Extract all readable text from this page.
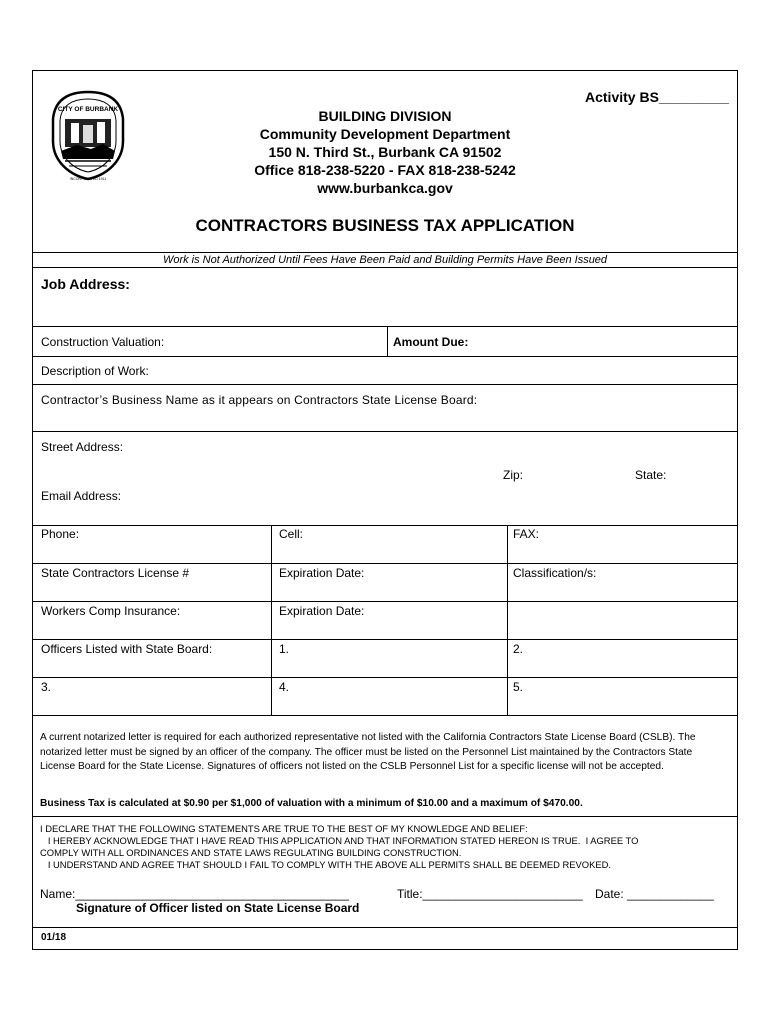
CITY OF BURBANK
INCORPORATED 1911
Activity BS_________
BUILDING DIVISION
Community Development Department
150 N. Third St., Burbank CA 91502
Office 818-238-5220 - FAX 818-238-5242
www.burbankca.gov
CONTRACTORS BUSINESS TAX APPLICATION
Work is Not Authorized Until Fees Have Been Paid and Building Permits Have Been Issued
Job Address:
Construction Valuation:	Amount Due:
Description of Work:
Contractor’s Business Name as it appears on Contractors State License Board:
Street Address:
Zip:	State:
Email Address:
Phone:	Cell:	FAX:
State Contractors License #	Expiration Date:	Classification/s:
Workers Comp Insurance:	Expiration Date:
Officers Listed with State Board:	1.	2.
3.	4.	5.
A current notarized letter is required for each authorized representative not listed with the California Contractors State License Board (CSLB). The notarized letter must be signed by an officer of the company. The officer must be listed on the Personnel List maintained by the Contractors State License Board for the State License. Signatures of officers not listed on the CSLB Personnel List for a specific license will not be accepted.
Business Tax is calculated at $0.90 per $1,000 of valuation with a minimum of $10.00 and a maximum of $470.00.
I DECLARE THAT THE FOLLOWING STATEMENTS ARE TRUE TO THE BEST OF MY KNOWLEDGE AND BELIEF:
I HEREBY ACKNOWLEDGE THAT I HAVE READ THIS APPLICATION AND THAT INFORMATION STATED HEREON IS TRUE.  I AGREE TO
COMPLY WITH ALL ORDINANCES AND STATE LAWS REGULATING BUILDING CONSTRUCTION.
I UNDERSTAND AND AGREE THAT SHOULD I FAIL TO COMPLY WITH THE ABOVE ALL PERMITS SHALL BE DEEMED REVOKED.
Name:_________________________________________	Title:________________________ Date: _____________
Signature of Officer listed on State License Board
01/18
